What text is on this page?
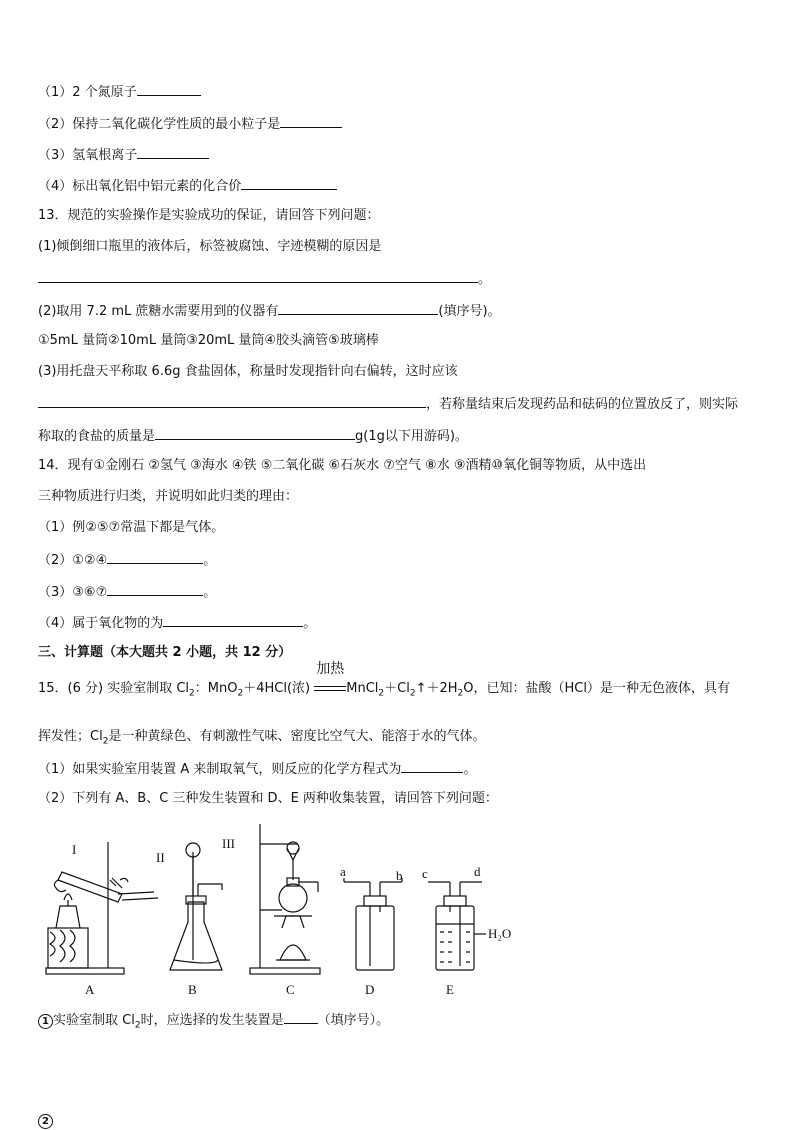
（1）2 个氮原子
（2）保持二氧化碳化学性质的最小粒子是
（3）氢氧根离子
（4）标出氧化铝中铝元素的化合价
13．规范的实验操作是实验成功的保证，请回答下列问题：
(1)倾倒细口瓶里的液体后，标签被腐蚀、字迹模糊的原因是
。
(2)取用 7.2 mL 蔗糖水需要用到的仪器有	(填序号)。
①5mL 量筒②10mL 量筒③20mL 量筒④胶头滴管⑤玻璃棒
(3)用托盘天平称取 6.6g 食盐固体，称量时发现指针向右偏转，这时应该
，若称量结束后发现药品和砝码的位置放反了，则实际
称取的食盐的质量是	g(1g以下用游码)。
14．现有①金刚石 ②氢气 ③海水 ④铁 ⑤二氧化碳 ⑥石灰水 ⑦空气 ⑧水 ⑨酒精⑩氧化铜等物质，从中选出
三种物质进行归类，并说明如此归类的理由：
（1）例②⑤⑦常温下都是气体。
（2）①②④	。
（3）③⑥⑦	。
（4）属于氧化物的为	。
三、计算题（本大题共 2 小题，共 12 分）
15．(6 分) 实验室制取 $Cl_2$：MnO$_2$＋4HCl(浓)
加热
$MnCl_2+Cl_2↑+2H_2O$，已知：盐酸（HCl）是一种无色液体，具有
挥发性；$Cl_2$是一种黄绿色、有刺激性气味、密度比空气大、能溶于水的气体。
（1）如果实验室用装置 A 来制取氧气，则反应的化学方程式为	。
（2）下列有 A、B、C 三种发生装置和 D、E 两种收集装置，请回答下列问题：
I
II
III
a	b c	d
H₂O
A	B	C	D	E
1 实验室制取 $Cl_2$时，应选择的发生装置是	（填序号）。
2
